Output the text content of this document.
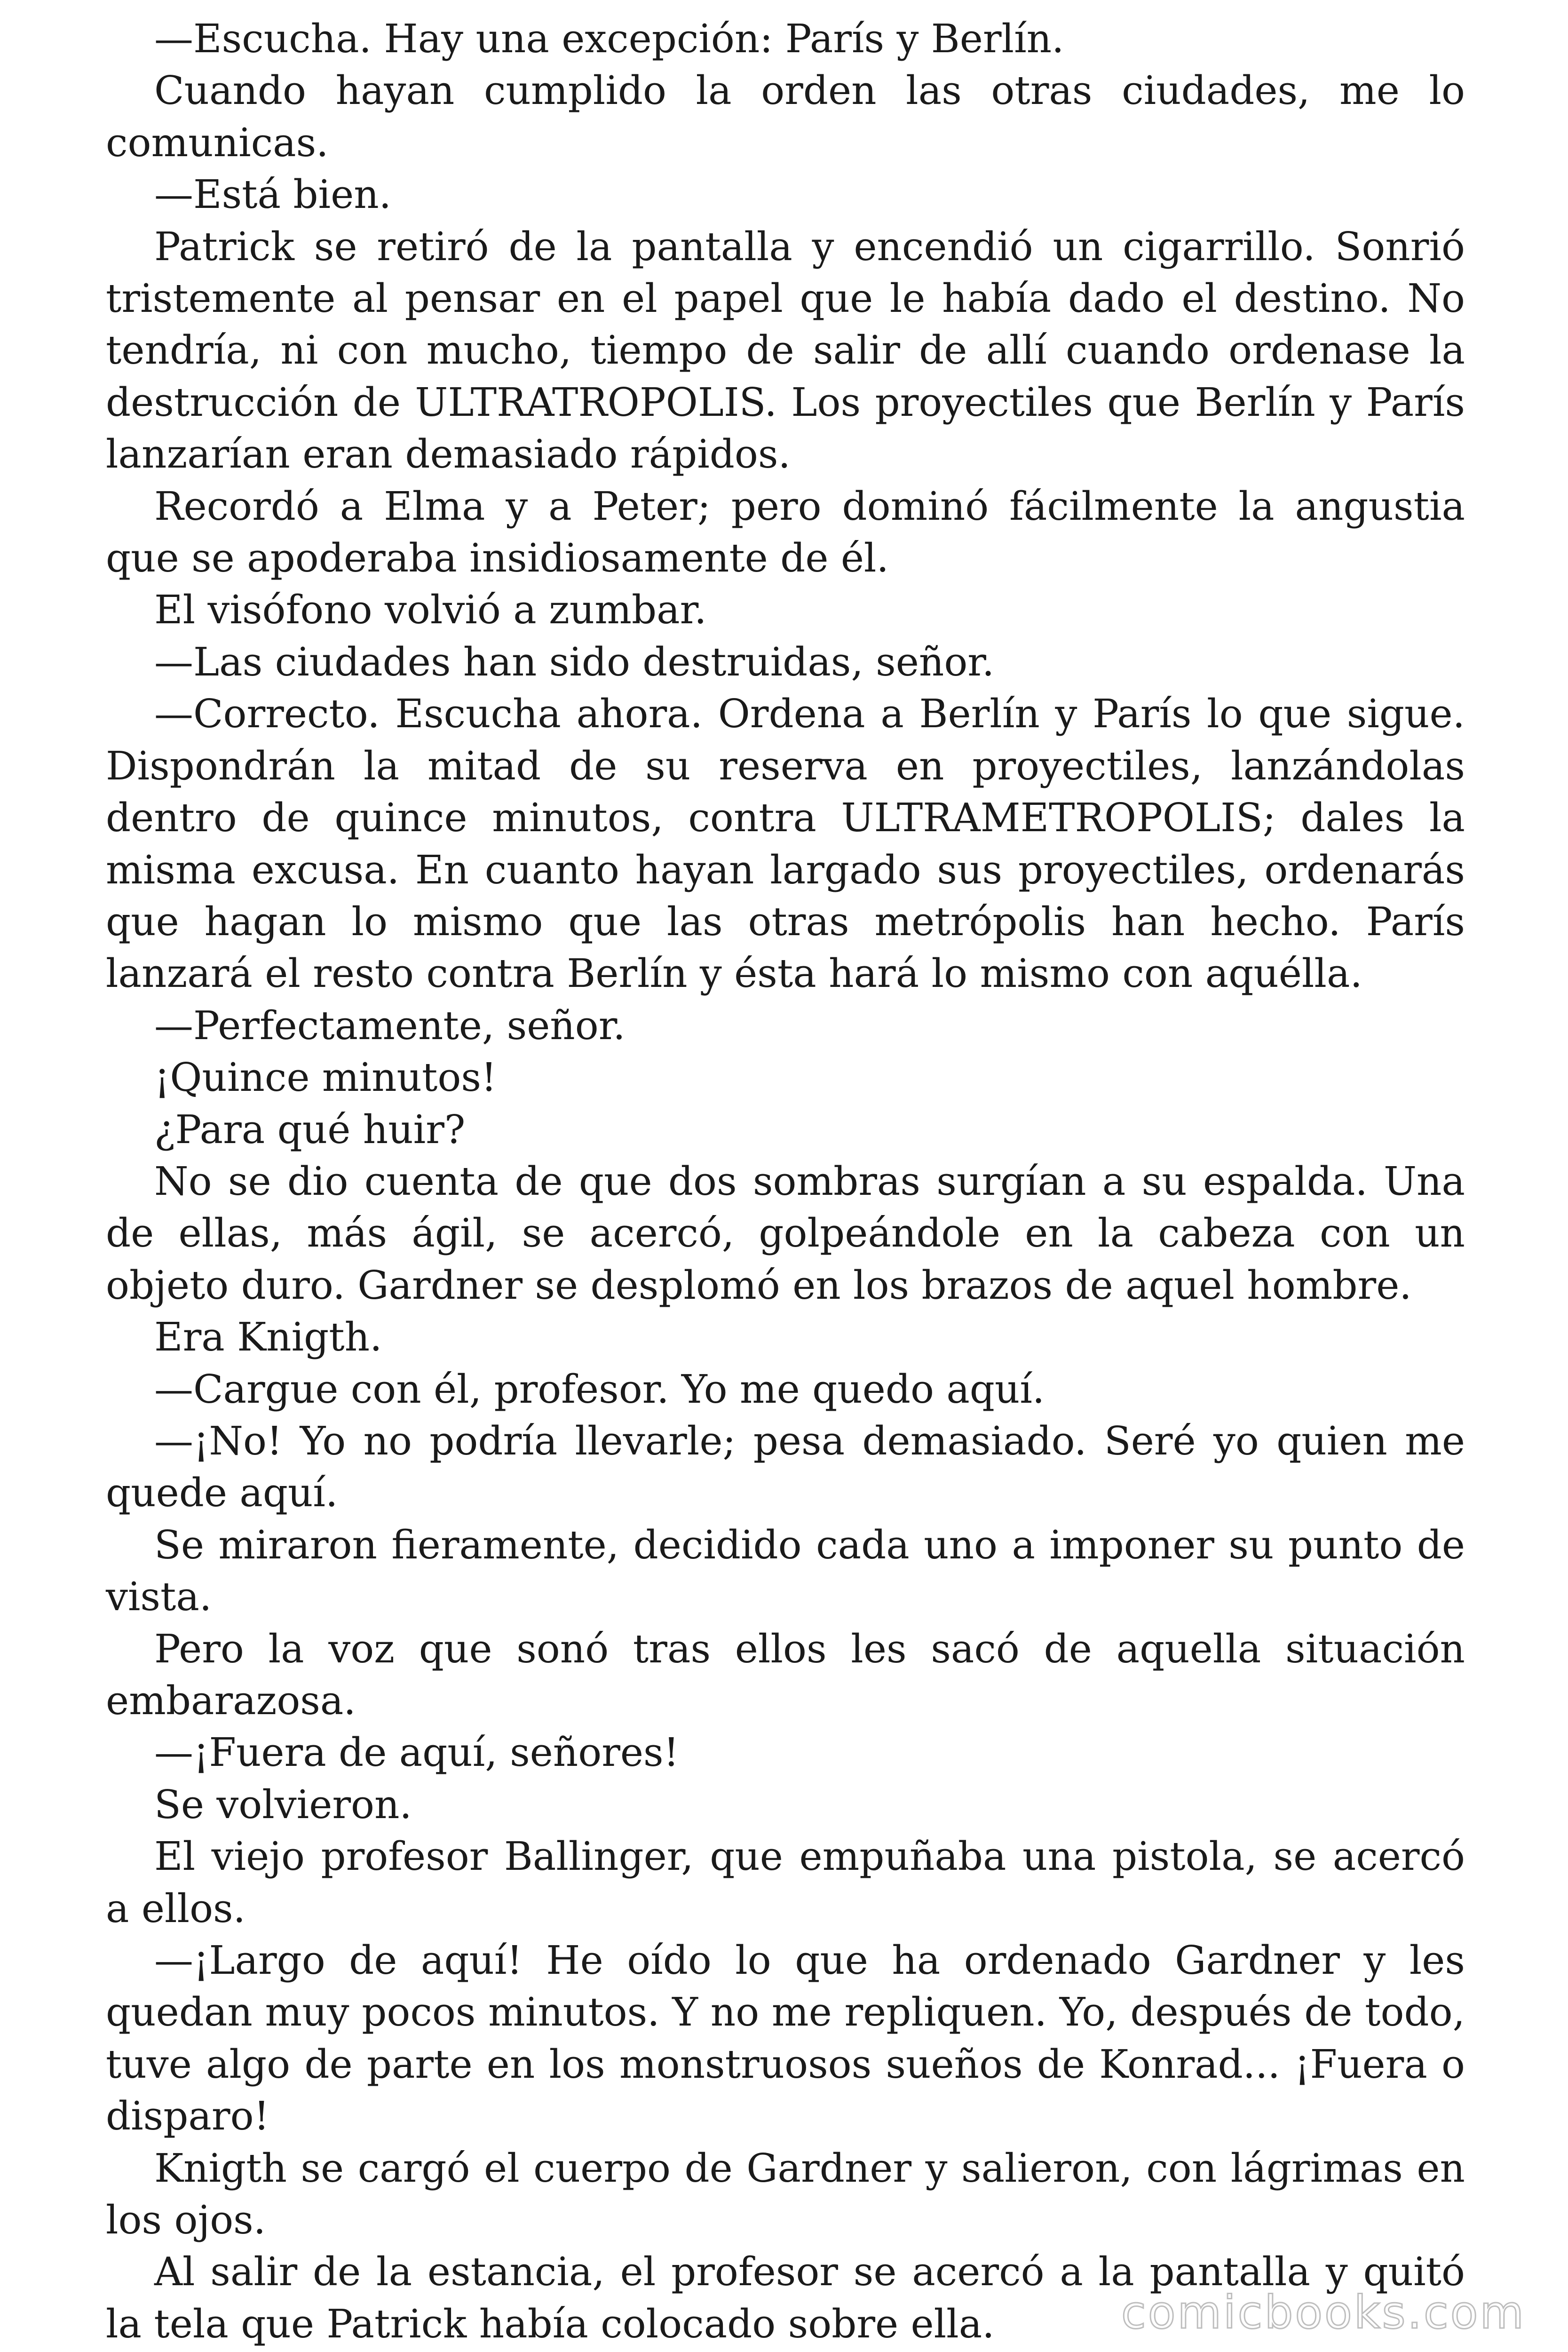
—Escucha. Hay una excepción: París y Berlín.

Cuando hayan cumplido la orden las otras ciudades, me lo comunicas.

—Está bien.

Patrick se retiró de la pantalla y encendió un cigarrillo. Sonrió tristemente al pensar en el papel que le había dado el destino. No tendría, ni con mucho, tiempo de salir de allí cuando ordenase la destrucción de ULTRATROPOLIS. Los proyectiles que Berlín y París lanzarían eran demasiado rápidos.

Recordó a Elma y a Peter; pero dominó fácilmente la angustia que se apoderaba insidiosamente de él.

El visófono volvió a zumbar.

—Las ciudades han sido destruidas, señor.

—Correcto. Escucha ahora. Ordena a Berlín y París lo que sigue. Dispondrán la mitad de su reserva en proyectiles, lanzándolas dentro de quince minutos, contra ULTRAMETROPOLIS; dales la misma excusa. En cuanto hayan largado sus proyectiles, ordenarás que hagan lo mismo que las otras metrópolis han hecho. París lanzará el resto contra Berlín y ésta hará lo mismo con aquélla.

—Perfectamente, señor.

¡Quince minutos!

¿Para qué huir?

No se dio cuenta de que dos sombras surgían a su espalda. Una de ellas, más ágil, se acercó, golpeándole en la cabeza con un objeto duro. Gardner se desplomó en los brazos de aquel hombre.

Era Knigth.

—Cargue con él, profesor. Yo me quedo aquí.

—¡No! Yo no podría llevarle; pesa demasiado. Seré yo quien me quede aquí.

Se miraron fieramente, decidido cada uno a imponer su punto de vista.

Pero la voz que sonó tras ellos les sacó de aquella situación embarazosa.

—¡Fuera de aquí, señores!

Se volvieron.

El viejo profesor Ballinger, que empuñaba una pistola, se acercó a ellos.

—¡Largo de aquí! He oído lo que ha ordenado Gardner y les quedan muy pocos minutos. Y no me repliquen. Yo, después de todo, tuve algo de parte en los monstruosos sueños de Konrad... ¡Fuera o disparo!

Knigth se cargó el cuerpo de Gardner y salieron, con lágrimas en los ojos.

Al salir de la estancia, el profesor se acercó a la pantalla y quitó la tela que Patrick había colocado sobre ella.	comicbooks.com
